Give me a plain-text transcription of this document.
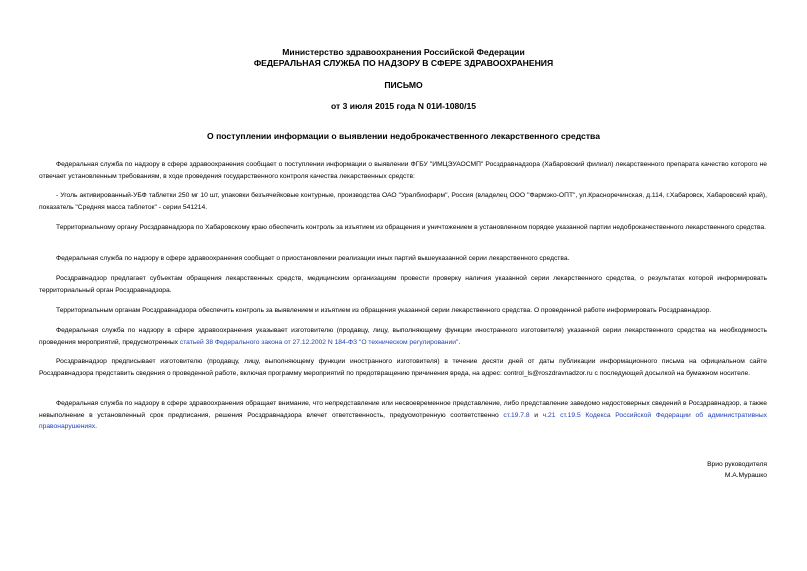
Министерство здравоохранения Российской Федерации
ФЕДЕРАЛЬНАЯ СЛУЖБА ПО НАДЗОРУ В СФЕРЕ ЗДРАВООХРАНЕНИЯ
ПИСЬМО
от 3 июля 2015 года N 01И-1080/15
О поступлении информации о выявлении недоброкачественного лекарственного средства

Федеральная служба по надзору в сфере здравоохранения сообщает о поступлении информации о выявлении ФГБУ "ИМЦЭУАОСМП" Росздравнадзора (Хабаровский филиал) лекарственного препарата качество которого не отвечает установленным требованиям, в ходе проведения государственного контроля качества лекарственных средств:

- Уголь активированный-УБФ таблетки 250 мг 10 шт, упаковки безъячейковые контурные, производства ОАО "Уралбиофарм", Россия (владелец ООО "Фармэко-ОПТ", ул.Красноречинская, д.114, г.Хабаровск, Хабаровский край), показатель "Средняя масса таблеток" - серии 541214.

Территориальному органу Росздравнадзора по Хабаровскому краю обеспечить контроль за изъятием из обращения и уничтожением в установленном порядке указанной партии недоброкачественного лекарственного средства.

Федеральная служба по надзору в сфере здравоохранения сообщает о приостановлении реализации иных партий вышеуказанной серии лекарственного средства.

Росздравнадзор предлагает субъектам обращения лекарственных средств, медицинским организациям провести проверку наличия указанной серии лекарственного средства, о результатах которой информировать территориальный орган Росздравнадзора.

Территориальным органам Росздравнадзора обеспечить контроль за выявлением и изъятием из обращения указанной серии лекарственного средства. О проведенной работе информировать Росздравнадзор.

Федеральная служба по надзору в сфере здравоохранения указывает изготовителю (продавцу, лицу, выполняющему функции иностранного изготовителя) указанной серии лекарственного средства на необходимость проведения мероприятий, предусмотренных статьей 38 Федерального закона от 27.12.2002 N 184-ФЗ "О техническом регулировании".

Росздравнадзор предписывает изготовителю (продавцу, лицу, выполняющему функции иностранного изготовителя) в течение десяти дней от даты публикации информационного письма на официальном сайте Росздравнадзора представить сведения о проведенной работе, включая программу мероприятий по предотвращению причинения вреда, на адрес: control_ls@roszdravnadzor.ru с последующей досылкой на бумажном носителе.

Федеральная служба по надзору в сфере здравоохранения обращает внимание, что непредставление или несвоевременное представление, либо представление заведомо недостоверных сведений в Росздравнадзор, а также невыполнение в установленный срок предписания, решения Росздравнадзора влечет ответственность, предусмотренную соответственно ст.19.7.8 и ч.21 ст.19.5 Кодекса Российской Федерации об административных правонарушениях.

Врио руководителя
М.А.Мурашко
